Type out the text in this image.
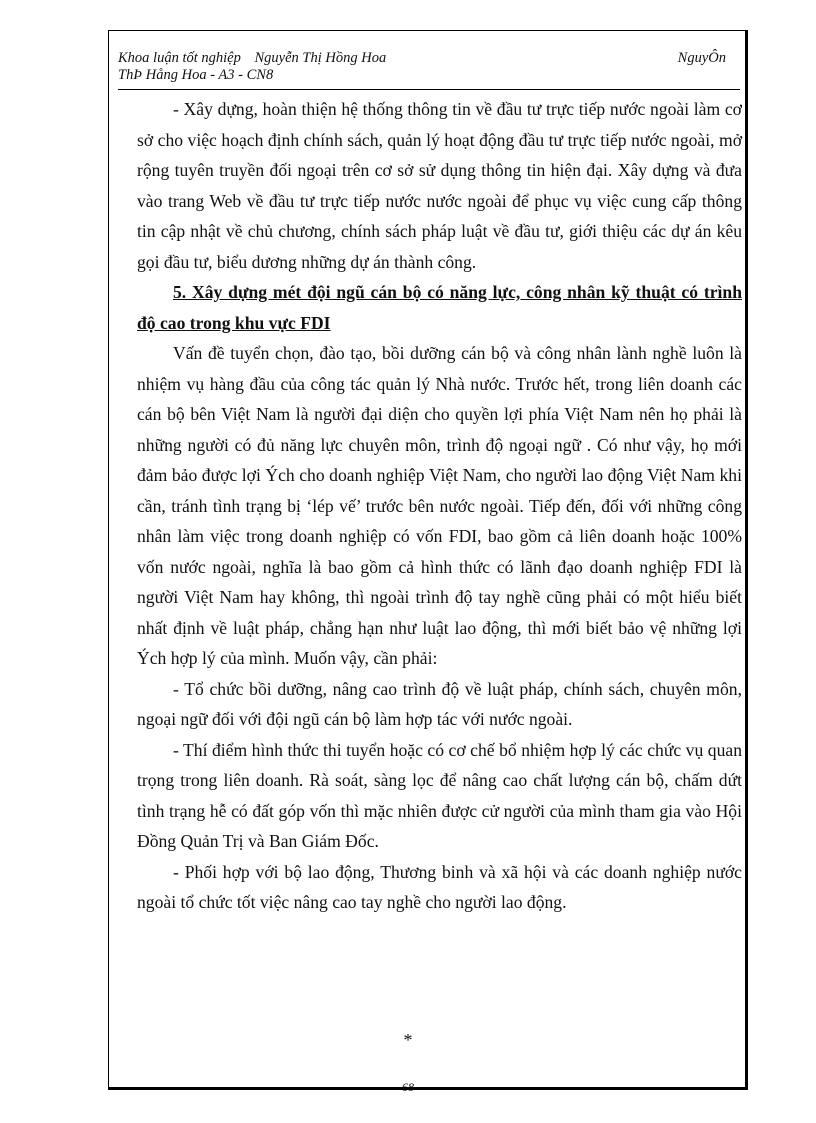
Khoa luận tốt nghiệp Nguyễn Thị Hồng Hoa	NguyÔn
ThÞ Hång Hoa - A3 - CN8

- Xây dựng, hoàn thiện hệ thống thông tin về đầu tư trực tiếp nước ngoài làm cơ sở cho việc hoạch định chính sách, quản lý hoạt động đầu tư trực tiếp nước ngoài, mở rộng tuyên truyền đối ngoại trên cơ sở sử dụng thông tin hiện đại. Xây dựng và đưa vào trang Web về đầu tư trực tiếp nước nước ngoài để phục vụ việc cung cấp thông tin cập nhật về chủ chương, chính sách pháp luật về đầu tư, giới thiệu các dự án kêu gọi đầu tư, biểu dương những dự án thành công.

5. Xây dựng mét đội ngũ cán bộ có năng lực, công nhân kỹ thuật có trình độ cao trong khu vực FDI

Vấn đề tuyển chọn, đào tạo, bồi dưỡng cán bộ và công nhân lành nghề luôn là nhiệm vụ hàng đầu của công tác quản lý Nhà nước. Trước hết, trong liên doanh các cán bộ bên Việt Nam là người đại diện cho quyền lợi phía Việt Nam nên họ phải là những người có đủ năng lực chuyên môn, trình độ ngoại ngữ . Có như vậy, họ mới đảm bảo được lợi Ých cho doanh nghiệp Việt Nam, cho người lao động Việt Nam khi cần, tránh tình trạng bị ‘lép vế’ trước bên nước ngoài. Tiếp đến, đối với những công nhân làm việc trong doanh nghiệp có vốn FDI, bao gồm cả liên doanh hoặc 100% vốn nước ngoài, nghĩa là bao gồm cả hình thức có lãnh đạo doanh nghiệp FDI là người Việt Nam hay không, thì ngoài trình độ tay nghề cũng phải có một hiểu biết nhất định về luật pháp, chẳng hạn như luật lao động, thì mới biết bảo vệ những lợi Ých hợp lý của mình. Muốn vậy, cần phải:

- Tổ chức bồi dưỡng, nâng cao trình độ về luật pháp, chính sách, chuyên môn, ngoại ngữ đối với đội ngũ cán bộ làm hợp tác với nước ngoài.

- Thí điểm hình thức thi tuyển hoặc có cơ chế bổ nhiệm hợp lý các chức vụ quan trọng trong liên doanh. Rà soát, sàng lọc để nâng cao chất lượng cán bộ, chấm dứt tình trạng hễ có đất góp vốn thì mặc nhiên được cử người của mình tham gia vào Hội Đồng Quản Trị và Ban Giám Đốc.

- Phối hợp với bộ lao động, Thương binh và xã hội và các doanh nghiệp nước ngoài tổ chức tốt việc nâng cao tay nghề cho người lao động.

*
68
